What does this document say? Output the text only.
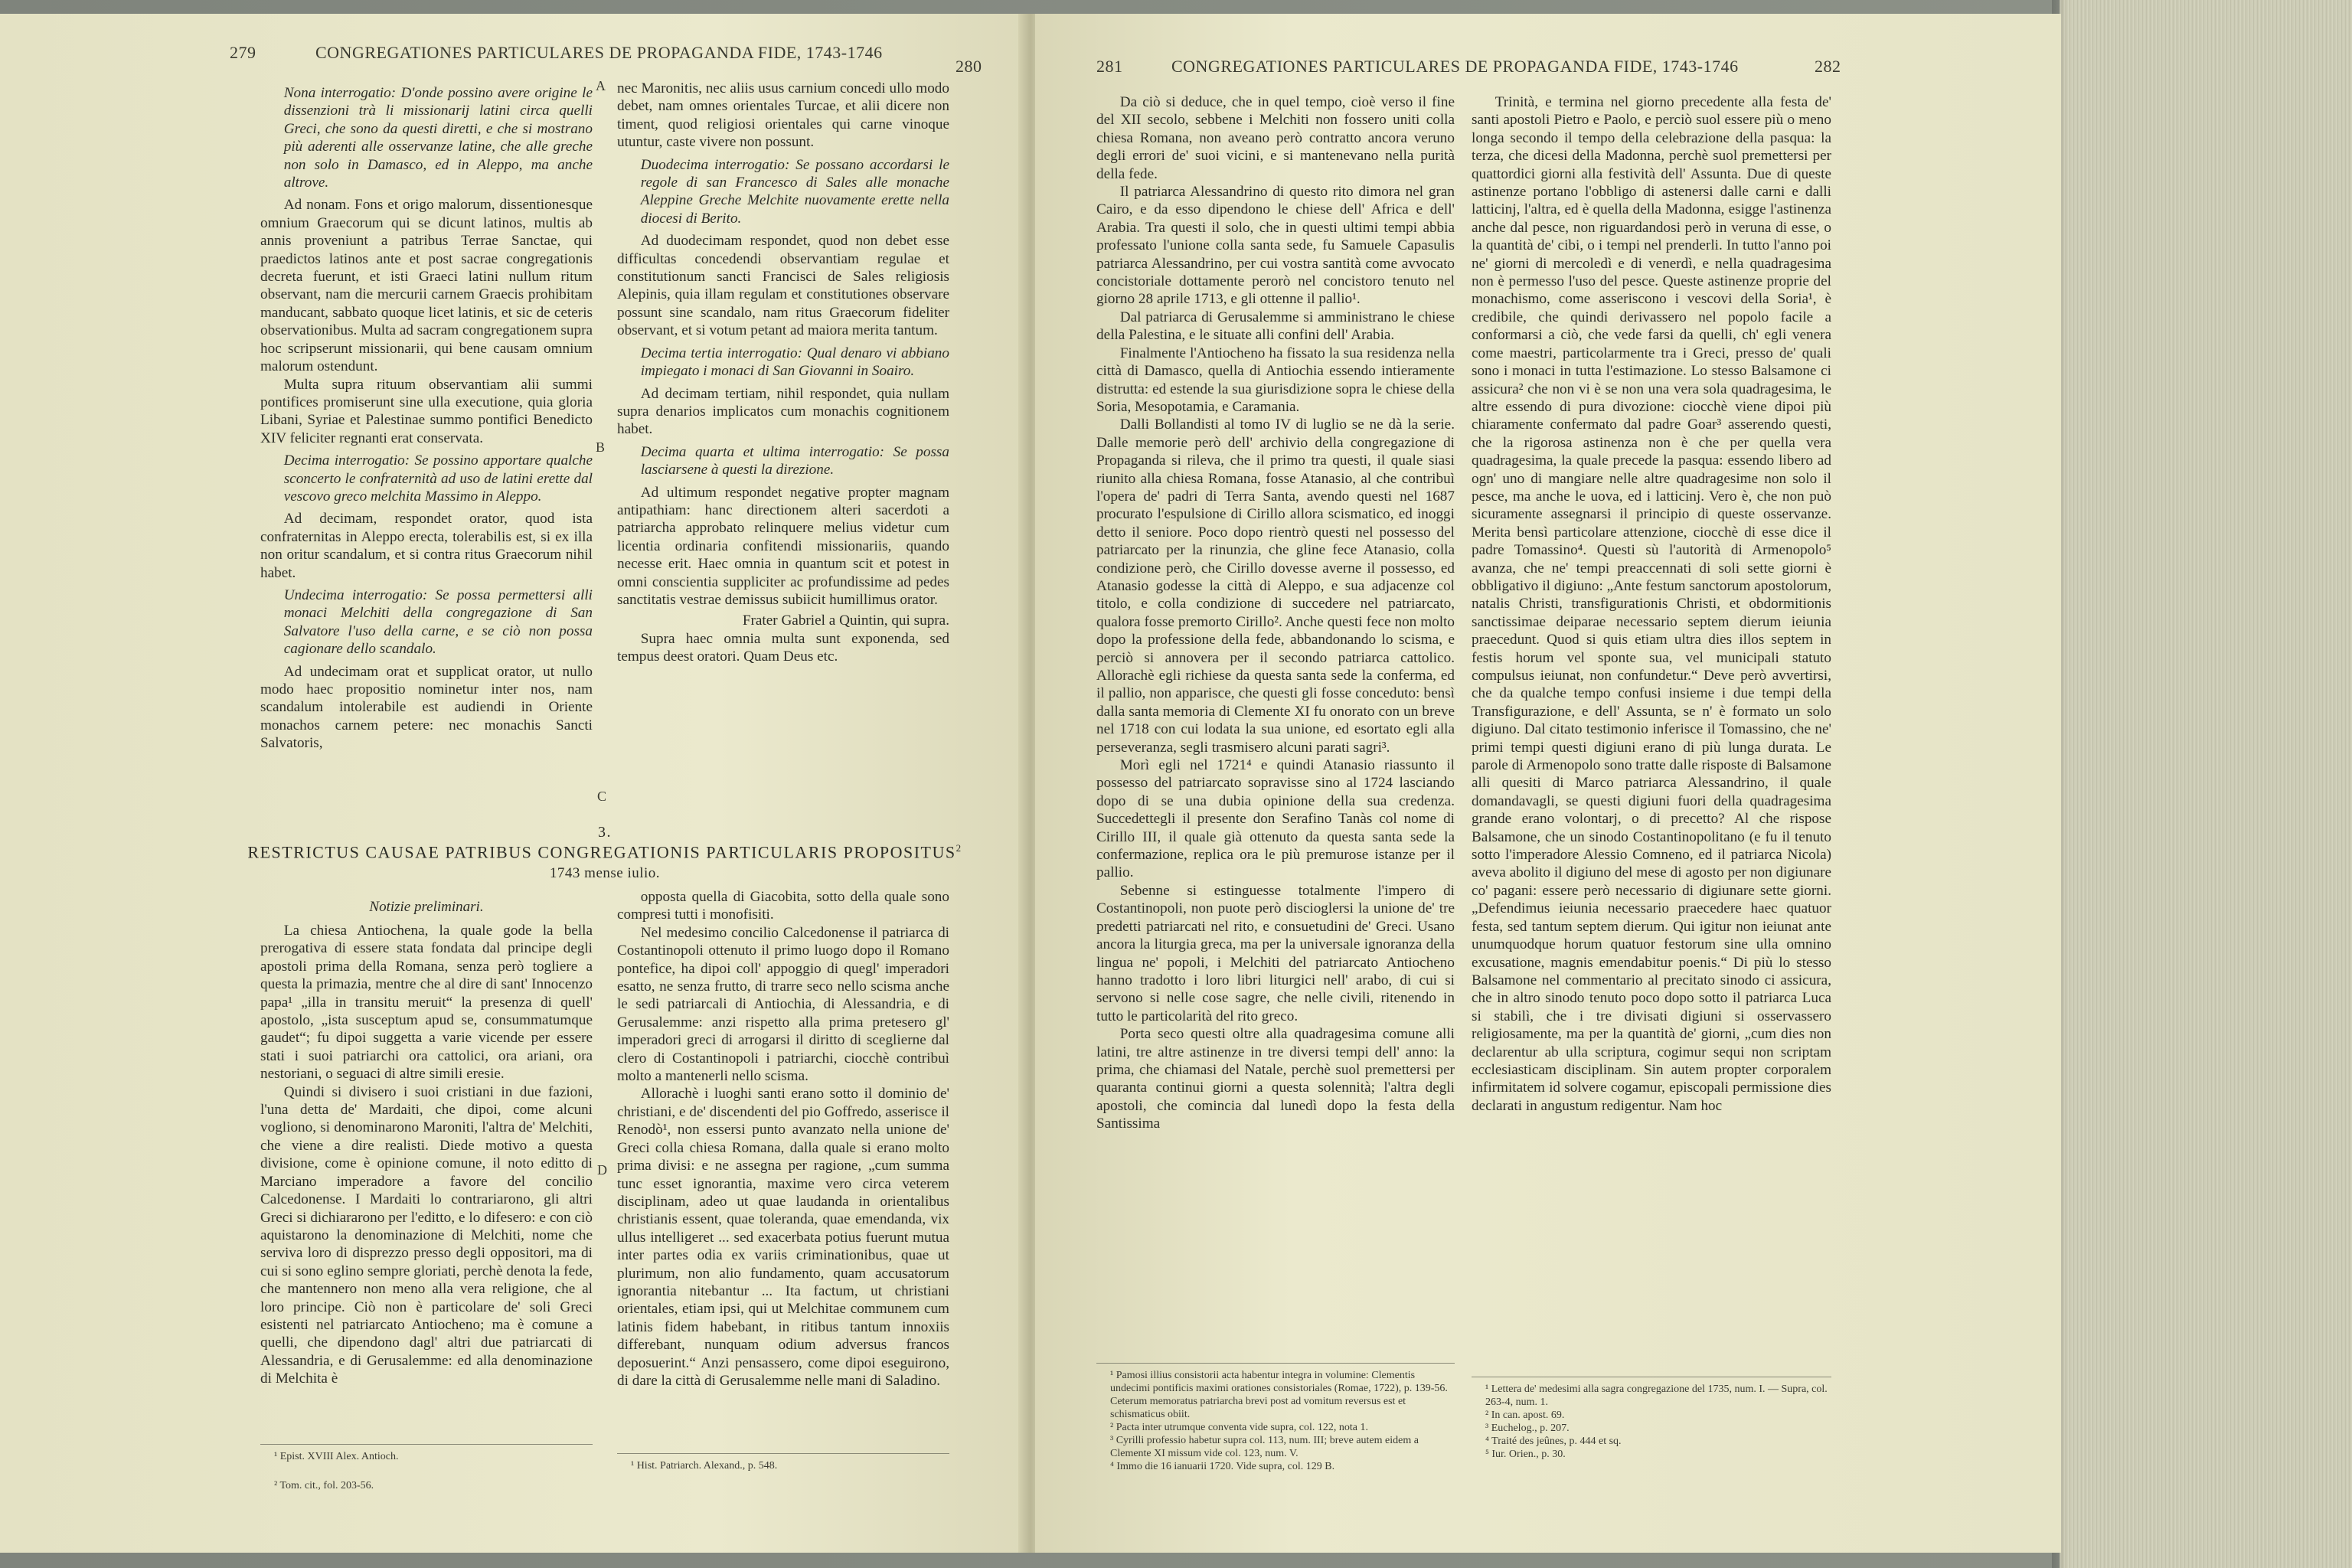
279	CONGREGATIONES PARTICULARES DE PROPAGANDA FIDE, 1743-1746
280

Nona interrogatio: D'onde possino avere origine le dissenzioni trà li missionarij latini circa quelli Greci, che sono da questi diretti, e che si mostrano più aderenti alle osservanze latine, che alle greche non solo in Damasco, ed in Aleppo, ma anche altrove.

Ad nonam. Fons et origo malorum, dissentionesque omnium Graecorum qui se dicunt latinos, multis ab annis proveniunt a patribus Terrae Sanctae, qui praedictos latinos ante et post sacrae congregationis decreta fuerunt, et isti Graeci latini nullum ritum observant, nam die mercurii carnem Graecis prohibitam manducant, sabbato quoque licet latinis, et sic de ceteris observationibus. Multa ad sacram congregationem supra hoc scripserunt missionarii, qui bene causam omnium malorum ostendunt.

Multa supra rituum observantiam alii summi pontifices promiserunt sine ulla executione, quia gloria Libani, Syriae et Palestinae summo pontifici Benedicto XIV feliciter regnanti erat conservata.

Decima interrogatio: Se possino apportare qualche sconcerto le confraternità ad uso de latini erette dal vescovo greco melchita Massimo in Aleppo.

Ad decimam, respondet orator, quod ista confraternitas in Aleppo erecta, tolerabilis est, si ex illa non oritur scandalum, et si contra ritus Graecorum nihil habet.

Undecima interrogatio: Se possa permettersi alli monaci Melchiti della congregazione di San Salvatore l'uso della carne, e se ciò non possa cagionare dello scandalo.

Ad undecimam orat et supplicat orator, ut nullo modo haec propositio nominetur inter nos, nam scandalum intolerabile est audiendi in Oriente monachos carnem petere: nec monachis Sancti Salvatoris,

nec Maronitis, nec aliis usus carnium concedi ullo modo debet, nam omnes orientales Turcae, et alii dicere non timent, quod religiosi orientales qui carne vinoque utuntur, caste vivere non possunt.

Duodecima interrogatio: Se possano accordarsi le regole di san Francesco di Sales alle monache Aleppine Greche Melchite nuovamente erette nella diocesi di Berito.

Ad duodecimam respondet, quod non debet esse difficultas concedendi observantiam regulae et constitutionum sancti Francisci de Sales religiosis Alepinis, quia illam regulam et constitutiones observare possunt sine scandalo, nam ritus Graecorum fideliter observant, et si votum petant ad maiora merita tantum.

Decima tertia interrogatio: Qual denaro vi abbiano impiegato i monaci di San Giovanni in Soairo.

Ad decimam tertiam, nihil respondet, quia nullam supra denarios implicatos cum monachis cognitionem habet.

Decima quarta et ultima interrogatio: Se possa lasciarsene à questi la direzione.

Ad ultimum respondet negative propter magnam antipathiam: hanc directionem alteri sacerdoti a patriarcha approbato relinquere melius videtur cum licentia ordinaria confitendi missionariis, quando necesse erit. Haec omnia in quantum scit et potest in omni conscientia suppliciter ac profundissime ad pedes sanctitatis vestrae demissus subiicit humillimus orator.

Frater Gabriel a Quintin, qui supra.

Supra haec omnia multa sunt exponenda, sed tempus deest oratori. Quam Deus etc.

A
B
C
D
3.
RESTRICTUS CAUSAE PATRIBUS CONGREGATIONIS PARTICULARIS PROPOSITUS$^2$
1743 mense iulio.
Notizie preliminari.

La chiesa Antiochena, la quale gode la bella prerogativa di essere stata fondata dal principe degli apostoli prima della Romana, senza però togliere a questa la primazia, mentre che al dire di sant' Innocenzo papa¹ „illa in transitu meruit“ la presenza di quell' apostolo, „ista susceptum apud se, consummatumque gaudet“; fu dipoi suggetta a varie vicende per essere stati i suoi patriarchi ora cattolici, ora ariani, ora nestoriani, o seguaci di altre simili eresie.

Quindi si divisero i suoi cristiani in due fazioni, l'una detta de' Mardaiti, che dipoi, come alcuni vogliono, si denominarono Maroniti, l'altra de' Melchiti, che viene a dire realisti. Diede motivo a questa divisione, come è opinione comune, il noto editto di Marciano imperadore a favore del concilio Calcedonense. I Mardaiti lo contrariarono, gli altri Greci si dichiararono per l'editto, e lo difesero: e con ciò aquistarono la denominazione di Melchiti, nome che serviva loro di disprezzo presso degli oppositori, ma di cui si sono eglino sempre gloriati, perchè denota la fede, che mantennero non meno alla vera religione, che al loro principe. Ciò non è particolare de' soli Greci esistenti nel patriarcato Antiocheno; ma è comune a quelli, che dipendono dagl' altri due patriarcati di Alessandria, e di Gerusalemme: ed alla denominazione di Melchita è

opposta quella di Giacobita, sotto della quale sono compresi tutti i monofisiti.

Nel medesimo concilio Calcedonense il patriarca di Costantinopoli ottenuto il primo luogo dopo il Romano pontefice, ha dipoi coll' appoggio di quegl' imperadori esatto, ne senza frutto, di trarre seco nello scisma anche le sedi patriarcali di Antiochia, di Alessandria, e di Gerusalemme: anzi rispetto alla prima pretesero gl' imperadori greci di arrogarsi il diritto di sceglierne dal clero di Costantinopoli i patriarchi, ciocchè contribuì molto a mantenerli nello scisma.

Allorachè i luoghi santi erano sotto il dominio de' christiani, e de' discendenti del pio Goffredo, asserisce il Renodò¹, non essersi punto avanzato nella unione de' Greci colla chiesa Romana, dalla quale si erano molto prima divisi: e ne assegna per ragione, „cum summa tunc esset ignorantia, maxime vero circa veterem disciplinam, adeo ut quae laudanda in orientalibus christianis essent, quae toleranda, quae emendanda, vix ullus intelligeret ... sed exacerbata potius fuerunt mutua inter partes odia ex variis criminationibus, quae ut plurimum, non alio fundamento, quam accusatorum ignorantia nitebantur ... Ita factum, ut christiani orientales, etiam ipsi, qui ut Melchitae communem cum latinis fidem habebant, in ritibus tantum innoxiis differebant, nunquam odium adversus francos deposuerint.“ Anzi pensassero, come dipoi eseguirono, di dare la città di Gerusalemme nelle mani di Saladino.

¹ Epist. XVIII Alex. Antioch.

¹ Hist. Patriarch. Alexand., p. 548.

² Tom. cit., fol. 203-56.

281	CONGREGATIONES PARTICULARES DE PROPAGANDA FIDE, 1743-1746	282

Da ciò si deduce, che in quel tempo, cioè verso il fine del XII secolo, sebbene i Melchiti non fossero uniti colla chiesa Romana, non aveano però contratto ancora veruno degli errori de' suoi vicini, e si mantenevano nella purità della fede.

Il patriarca Alessandrino di questo rito dimora nel gran Cairo, e da esso dipendono le chiese dell' Africa e dell' Arabia. Tra questi il solo, che in questi ultimi tempi abbia professato l'unione colla santa sede, fu Samuele Capasulis patriarca Alessandrino, per cui vostra santità come avvocato concistoriale dottamente perorò nel concistoro tenuto nel giorno 28 aprile 1713, e gli ottenne il pallio¹.

Dal patriarca di Gerusalemme si amministrano le chiese della Palestina, e le situate alli confini dell' Arabia.

Finalmente l'Antiocheno ha fissato la sua residenza nella città di Damasco, quella di Antiochia essendo intieramente distrutta: ed estende la sua giurisdizione sopra le chiese della Soria, Mesopotamia, e Caramania.

Dalli Bollandisti al tomo IV di luglio se ne dà la serie. Dalle memorie però dell' archivio della congregazione di Propaganda si rileva, che il primo tra questi, il quale siasi riunito alla chiesa Romana, fosse Atanasio, al che contribuì l'opera de' padri di Terra Santa, avendo questi nel 1687 procurato l'espulsione di Cirillo allora scismatico, ed inoggi detto il seniore. Poco dopo rientrò questi nel possesso del patriarcato per la rinunzia, che gline fece Atanasio, colla condizione però, che Cirillo dovesse averne il possesso, ed Atanasio godesse la città di Aleppo, e sua adjacenze col titolo, e colla condizione di succedere nel patriarcato, qualora fosse premorto Cirillo². Anche questi fece non molto dopo la professione della fede, abbandonando lo scisma, e perciò si annovera per il secondo patriarca cattolico. Allorachè egli richiese da questa santa sede la conferma, ed il pallio, non apparisce, che questi gli fosse conceduto: bensì dalla santa memoria di Clemente XI fu onorato con un breve nel 1718 con cui lodata la sua unione, ed esortato egli alla perseveranza, segli trasmisero alcuni parati sagri³.

Morì egli nel 1721⁴ e quindi Atanasio riassunto il possesso del patriarcato sopravisse sino al 1724 lasciando dopo di se una dubia opinione della sua credenza. Succedettegli il presente don Serafino Tanàs col nome di Cirillo III, il quale già ottenuto da questa santa sede la confermazione, replica ora le più premurose istanze per il pallio.

Sebenne si estinguesse totalmente l'impero di Costantinopoli, non puote però discioglersi la unione de' tre predetti patriarcati nel rito, e consuetudini de' Greci. Usano ancora la liturgia greca, ma per la universale ignoranza della lingua ne' popoli, i Melchiti del patriarcato Antiocheno hanno tradotto i loro libri liturgici nell' arabo, di cui si servono si nelle cose sagre, che nelle civili, ritenendo in tutto le particolarità del rito greco.

Porta seco questi oltre alla quadragesima comune alli latini, tre altre astinenze in tre diversi tempi dell' anno: la prima, che chiamasi del Natale, perchè suol premettersi per quaranta continui giorni a questa solennità; l'altra degli apostoli, che comincia dal lunedì dopo la festa della Santissima

Trinità, e termina nel giorno precedente alla festa de' santi apostoli Pietro e Paolo, e perciò suol essere più o meno longa secondo il tempo della celebrazione della pasqua: la terza, che dicesi della Madonna, perchè suol premettersi per quattordici giorni alla festività dell' Assunta. Due di queste astinenze portano l'obbligo di astenersi dalle carni e dalli latticinj, l'altra, ed è quella della Madonna, esigge l'astinenza anche dal pesce, non riguardandosi però in veruna di esse, o la quantità de' cibi, o i tempi nel prenderli. In tutto l'anno poi ne' giorni di mercoledì e di venerdì, e nella quadragesima non è permesso l'uso del pesce. Queste astinenze proprie del monachismo, come asseriscono i vescovi della Soria¹, è credibile, che quindi derivassero nel popolo facile a conformarsi a ciò, che vede farsi da quelli, ch' egli venera come maestri, particolarmente tra i Greci, presso de' quali sono i monaci in tutta l'estimazione. Lo stesso Balsamone ci assicura² che non vi è se non una vera sola quadragesima, le altre essendo di pura divozione: ciocchè viene dipoi più chiaramente confermato dal padre Goar³ asserendo questi, che la rigorosa astinenza non è che per quella vera quadragesima, la quale precede la pasqua: essendo libero ad ogn' uno di mangiare nelle altre quadragesime non solo il pesce, ma anche le uova, ed i latticinj. Vero è, che non può sicuramente assegnarsi il principio di queste osservanze. Merita bensì particolare attenzione, ciocchè di esse dice il padre Tomassino⁴. Questi sù l'autorità di Armenopolo⁵ avanza, che ne' tempi preaccennati di soli sette giorni è obbligativo il digiuno: „Ante festum sanctorum apostolorum, natalis Christi, transfigurationis Christi, et obdormitionis sanctissimae deiparae necessario septem dierum ieiunia praecedunt. Quod si quis etiam ultra dies illos septem in festis horum vel sponte sua, vel municipali statuto compulsus ieiunat, non confundetur.“ Deve però avvertirsi, che da qualche tempo confusi insieme i due tempi della Transfigurazione, e dell' Assunta, se n' è formato un solo digiuno. Dal citato testimonio inferisce il Tomassino, che ne' primi tempi questi digiuni erano di più lunga durata. Le parole di Armenopolo sono tratte dalle risposte di Balsamone alli quesiti di Marco patriarca Alessandrino, il quale domandavagli, se questi digiuni fuori della quadragesima grande erano volontarj, o di precetto? Al che rispose Balsamone, che un sinodo Costantinopolitano (e fu il tenuto sotto l'imperadore Alessio Comneno, ed il patriarca Nicola) aveva abolito il digiuno del mese di agosto per non digiunare co' pagani: essere però necessario di digiunare sette giorni. „Defendimus ieiunia necessario praecedere haec quatuor festa, sed tantum septem dierum. Qui igitur non ieiunat ante unumquodque horum quatuor festorum sine ulla omnino excusatione, magnis emendabitur poenis.“ Di più lo stesso Balsamone nel commentario al precitato sinodo ci assicura, che in altro sinodo tenuto poco dopo sotto il patriarca Luca si stabilì, che i tre divisati digiuni si osservassero religiosamente, ma per la quantità de' giorni, „cum dies non declarentur ab ulla scriptura, cogimur sequi non scriptam ecclesiasticam disciplinam. Sin autem propter corporalem infirmitatem id solvere cogamur, episcopali permissione dies declarati in angustum redigentur. Nam hoc

¹ Pamosi illius consistorii acta habentur integra in volumine: Clementis undecimi pontificis maximi orationes consistoriales (Romae, 1722), p. 139-56. Ceterum memoratus patriarcha brevi post ad vomitum reversus est et schismaticus obiit.

² Pacta inter utrumque conventa vide supra, col. 122, nota 1.

³ Cyrilli professio habetur supra col. 113, num. III; breve autem eidem a Clemente XI missum vide col. 123, num. V.

⁴ Immo die 16 ianuarii 1720. Vide supra, col. 129 B.

¹ Lettera de' medesimi alla sagra congregazione del 1735, num. I. — Supra, col. 263-4, num. 1.

² In can. apost. 69.

³ Euchelog., p. 207.

⁴ Traité des jeûnes, p. 444 et sq.

⁵ Iur. Orien., p. 30.
